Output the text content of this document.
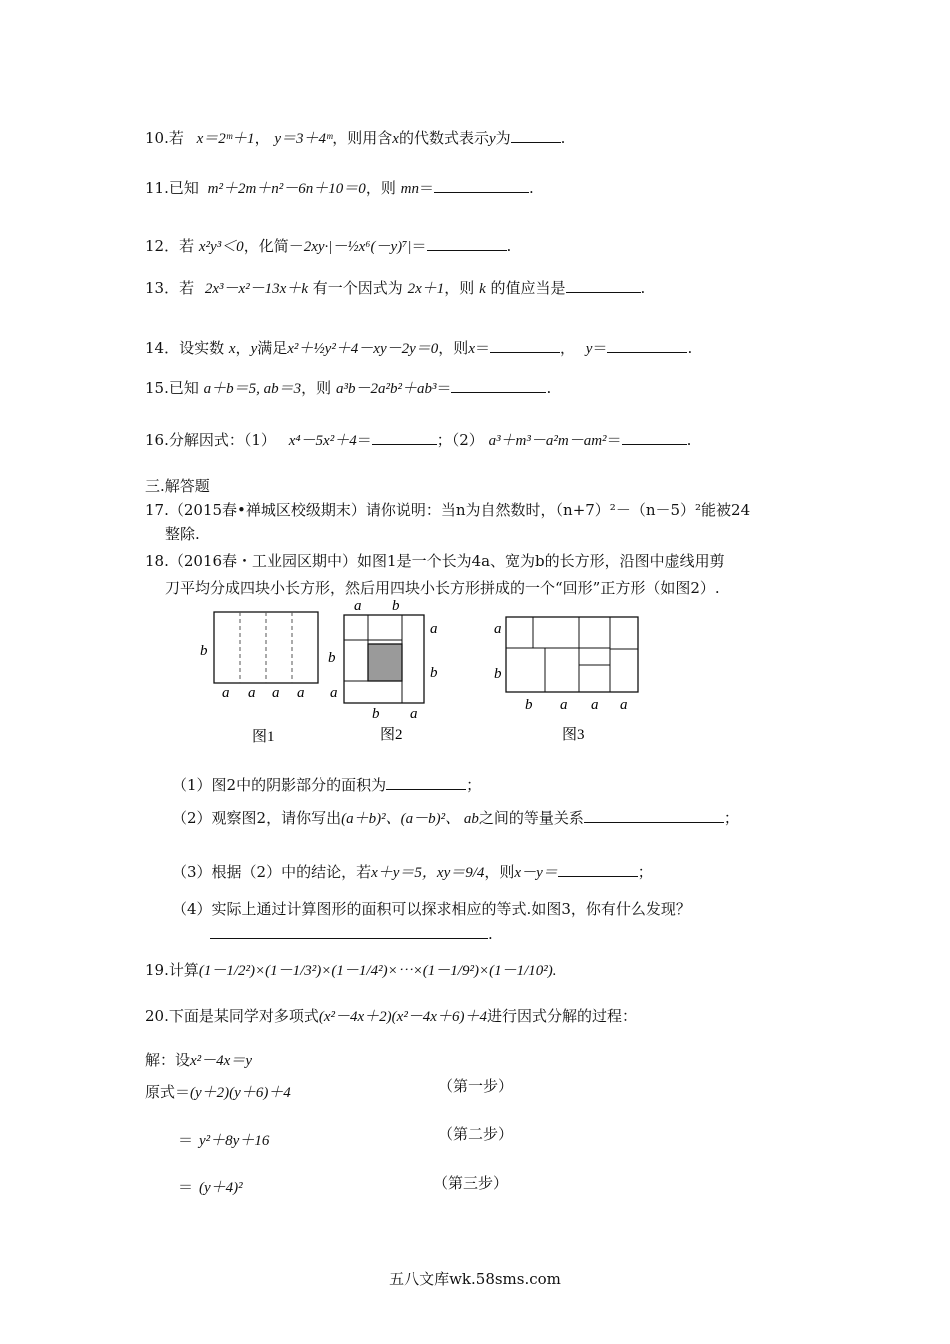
10.若 x＝2ᵐ＋1， y＝3＋4ᵐ，则用含x的代数式表示y为	.
11.已知 m²＋2m＋n²－6n＋10＝0，则 mn＝	.
12．若 x²y³＜0，化简－2xy·|－½x⁶(－y)⁷|＝	.
13．若 2x³－x²－13x＋k 有一个因式为 2x＋1，则 k 的值应当是	.
14．设实数 x，y满足x²＋½y²＋4－xy－2y＝0，则x＝	， y＝	.
15.已知 a＋b＝5, ab＝3，则 a³b－2a²b²＋ab³＝	.
16.分解因式：（1） x⁴－5x²＋4＝	；（2） a³＋m³－a²m－am²＝	.
三.解答题
17.（2015春•禅城区校级期末）请你说明：当n为自然数时，（n+7）²－（n－5）²能被24
整除.
18.（2016春・工业园区期中）如图1是一个长为4a、宽为b的长方形，沿图中虚线用剪
刀平均分成四块小长方形，然后用四块小长方形拼成的一个“回形”正方形（如图2）.
b
a a a a
图1
a b
a
b
b
a
b a
图2
a
b
b a a a
图3
（1）图2中的阴影部分的面积为	；
（2）观察图2，请你写出(a＋b)²、(a－b)²、 ab之间的等量关系	；
（3）根据（2）中的结论，若x＋y＝5，xy＝9/4，则x－y＝	；
（4）实际上通过计算图形的面积可以探求相应的等式.如图3，你有什么发现？
.
19.计算(1－1/2²)×(1－1/3²)×(1－1/4²)×⋯×(1－1/9²)×(1－1/10²).
20.下面是某同学对多项式(x²－4x＋2)(x²－4x＋6)＋4进行因式分解的过程：
解：设x²－4x＝y
原式＝(y＋2)(y＋6)＋4	（第一步）
＝ y²＋8y＋16	（第二步）
＝ (y＋4)²	（第三步）
五八文库wk.58sms.com
